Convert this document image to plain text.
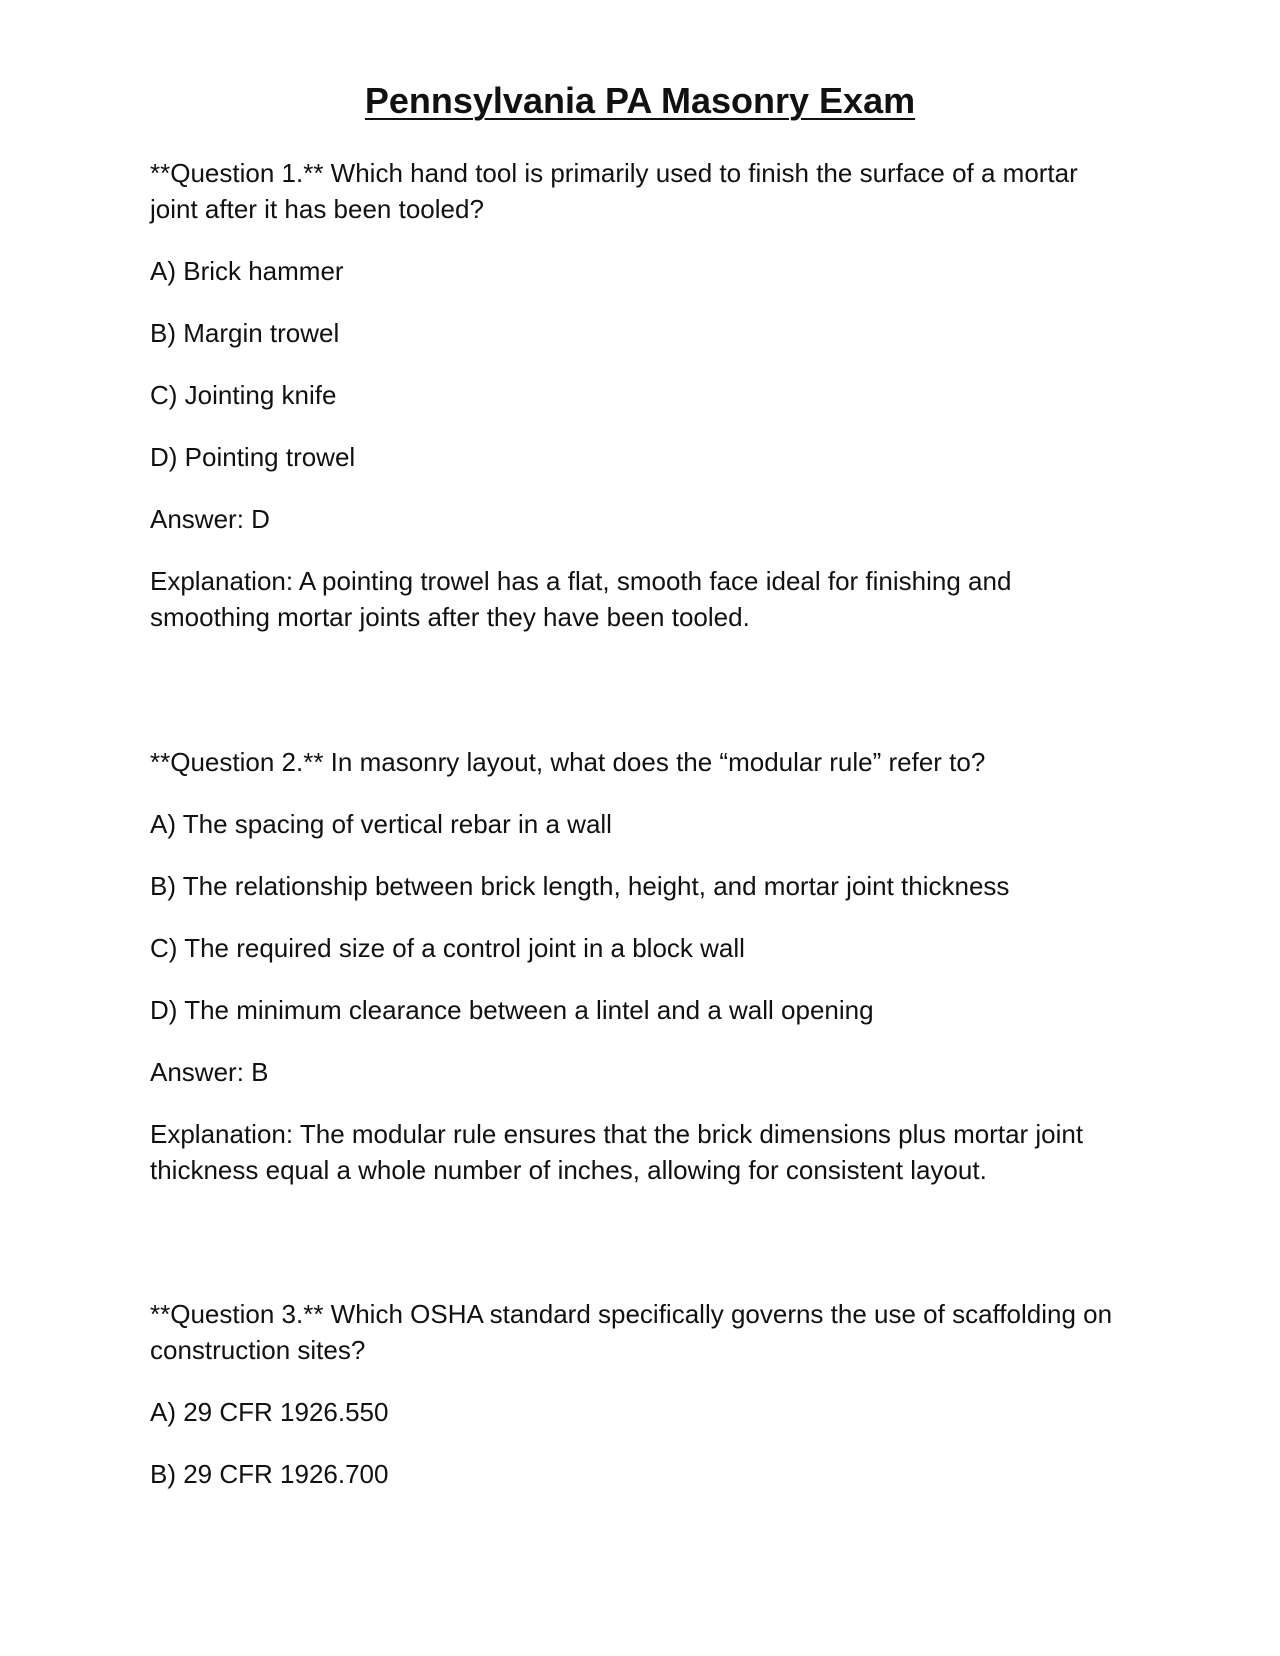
Pennsylvania PA Masonry Exam

**Question 1.** Which hand tool is primarily used to finish the surface of a mortar joint after it has been tooled?

A) Brick hammer

B) Margin trowel

C) Jointing knife

D) Pointing trowel

Answer: D

Explanation: A pointing trowel has a flat, smooth face ideal for finishing and smoothing mortar joints after they have been tooled.

**Question 2.** In masonry layout, what does the “modular rule” refer to?

A) The spacing of vertical rebar in a wall

B) The relationship between brick length, height, and mortar joint thickness

C) The required size of a control joint in a block wall

D) The minimum clearance between a lintel and a wall opening

Answer: B

Explanation: The modular rule ensures that the brick dimensions plus mortar joint thickness equal a whole number of inches, allowing for consistent layout.

**Question 3.** Which OSHA standard specifically governs the use of scaffolding on construction sites?

A) 29 CFR 1926.550

B) 29 CFR 1926.700
